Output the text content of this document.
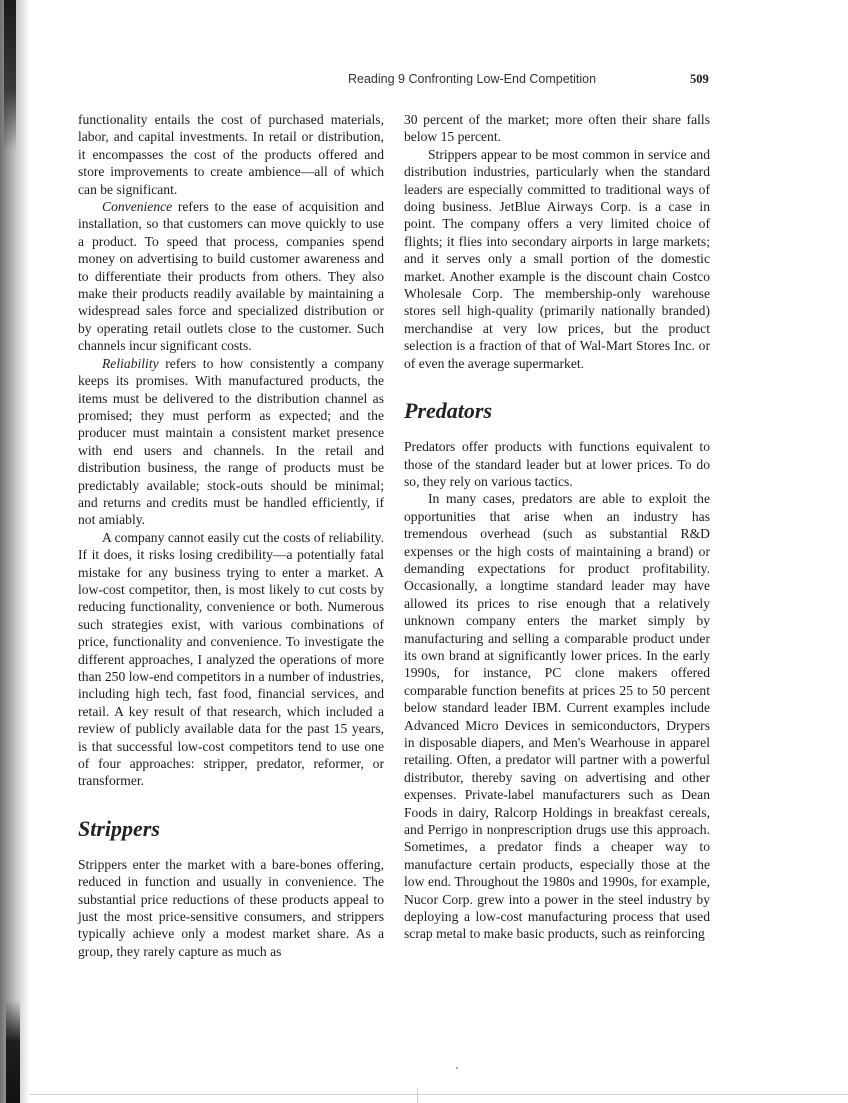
Reading 9 Confronting Low-End Competition	509

functionality entails the cost of purchased materials, labor, and capital investments. In retail or distribution, it encompasses the cost of the products offered and store improvements to create ambience—all of which can be significant.

Convenience refers to the ease of acquisition and installation, so that customers can move quickly to use a product. To speed that process, companies spend money on advertising to build customer awareness and to differentiate their products from others. They also make their products readily available by maintaining a widespread sales force and specialized distribution or by operating retail outlets close to the customer. Such channels incur significant costs.

Reliability refers to how consistently a company keeps its promises. With manufactured products, the items must be delivered to the distribution channel as promised; they must perform as expected; and the producer must maintain a consistent market presence with end users and channels. In the retail and distribution business, the range of products must be predictably available; stock-outs should be minimal; and returns and credits must be handled efficiently, if not amiably.

A company cannot easily cut the costs of reliability. If it does, it risks losing credibility—a potentially fatal mistake for any business trying to enter a market. A low-cost competitor, then, is most likely to cut costs by reducing functionality, convenience or both. Numerous such strategies exist, with various combinations of price, functionality and convenience. To investigate the different approaches, I analyzed the operations of more than 250 low-end competitors in a number of industries, including high tech, fast food, financial services, and retail. A key result of that research, which included a review of publicly available data for the past 15 years, is that successful low-cost competitors tend to use one of four approaches: stripper, predator, reformer, or transformer.

Strippers

Strippers enter the market with a bare-bones offering, reduced in function and usually in convenience. The substantial price reductions of these products appeal to just the most price-sensitive consumers, and strippers typically achieve only a modest market share. As a group, they rarely capture as much as

30 percent of the market; more often their share falls below 15 percent.

Strippers appear to be most common in service and distribution industries, particularly when the standard leaders are especially committed to traditional ways of doing business. JetBlue Airways Corp. is a case in point. The company offers a very limited choice of flights; it flies into secondary airports in large markets; and it serves only a small portion of the domestic market. Another example is the discount chain Costco Wholesale Corp. The membership-only warehouse stores sell high-quality (primarily nationally branded) merchandise at very low prices, but the product selection is a fraction of that of Wal-Mart Stores Inc. or of even the average supermarket.

Predators

Predators offer products with functions equivalent to those of the standard leader but at lower prices. To do so, they rely on various tactics.

In many cases, predators are able to exploit the opportunities that arise when an industry has tremendous overhead (such as substantial R&D expenses or the high costs of maintaining a brand) or demanding expectations for product profitability. Occasionally, a longtime standard leader may have allowed its prices to rise enough that a relatively unknown company enters the market simply by manufacturing and selling a comparable product under its own brand at significantly lower prices. In the early 1990s, for instance, PC clone makers offered comparable function benefits at prices 25 to 50 percent below standard leader IBM. Current examples include Advanced Micro Devices in semiconductors, Drypers in disposable diapers, and Men's Wearhouse in apparel retailing. Often, a predator will partner with a powerful distributor, thereby saving on advertising and other expenses. Private-label manufacturers such as Dean Foods in dairy, Ralcorp Holdings in breakfast cereals, and Perrigo in nonprescription drugs use this approach. Sometimes, a predator finds a cheaper way to manufacture certain products, especially those at the low end. Throughout the 1980s and 1990s, for example, Nucor Corp. grew into a power in the steel industry by deploying a low-cost manufacturing process that used scrap metal to make basic products, such as reinforcing
